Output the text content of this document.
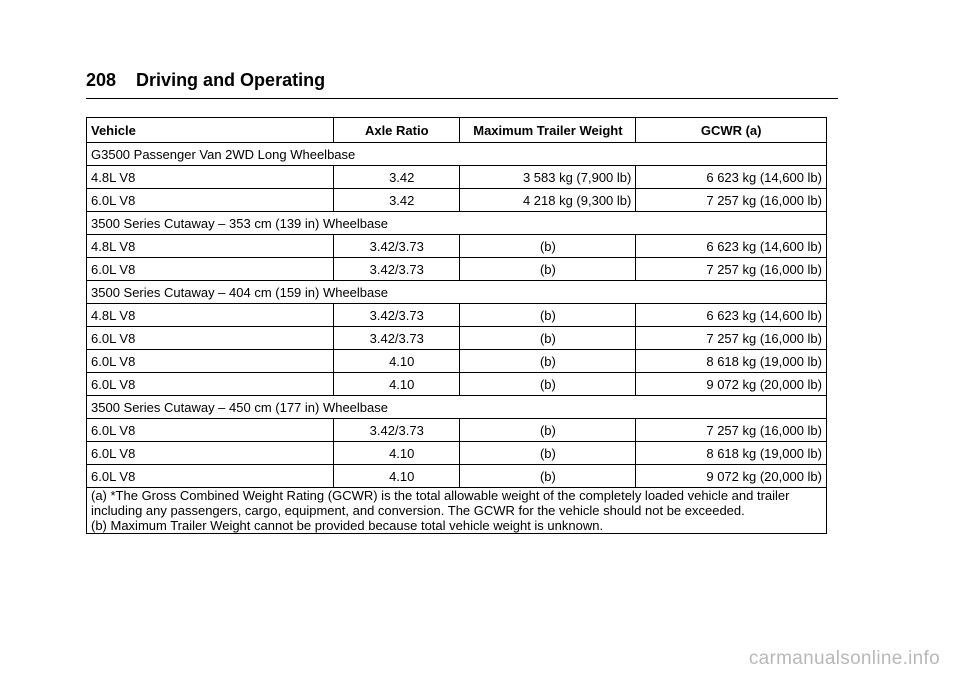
208 Driving and Operating
Vehicle	Axle Ratio	Maximum Trailer Weight	GCWR (a)
G3500 Passenger Van 2WD Long Wheelbase			
4.8L V8	3.42	3 583 kg (7,900 lb)	6 623 kg (14,600 lb)
6.0L V8	3.42	4 218 kg (9,300 lb)	7 257 kg (16,000 lb)
3500 Series Cutaway – 353 cm (139 in) Wheelbase			
4.8L V8	3.42/3.73	(b)	6 623 kg (14,600 lb)
6.0L V8	3.42/3.73	(b)	7 257 kg (16,000 lb)
3500 Series Cutaway – 404 cm (159 in) Wheelbase			
4.8L V8	3.42/3.73	(b)	6 623 kg (14,600 lb)
6.0L V8	3.42/3.73	(b)	7 257 kg (16,000 lb)
6.0L V8	4.10	(b)	8 618 kg (19,000 lb)
6.0L V8	4.10	(b)	9 072 kg (20,000 lb)
3500 Series Cutaway – 450 cm (177 in) Wheelbase			
6.0L V8	3.42/3.73	(b)	7 257 kg (16,000 lb)
6.0L V8	4.10	(b)	8 618 kg (19,000 lb)
6.0L V8	4.10	(b)	9 072 kg (20,000 lb)

(a) *The Gross Combined Weight Rating (GCWR) is the total allowable weight of the completely loaded vehicle and trailer including any passengers, cargo, equipment, and conversion. The GCWR for the vehicle should not be exceeded.

(b) Maximum Trailer Weight cannot be provided because total vehicle weight is unknown.			

carmanualsonline.info
